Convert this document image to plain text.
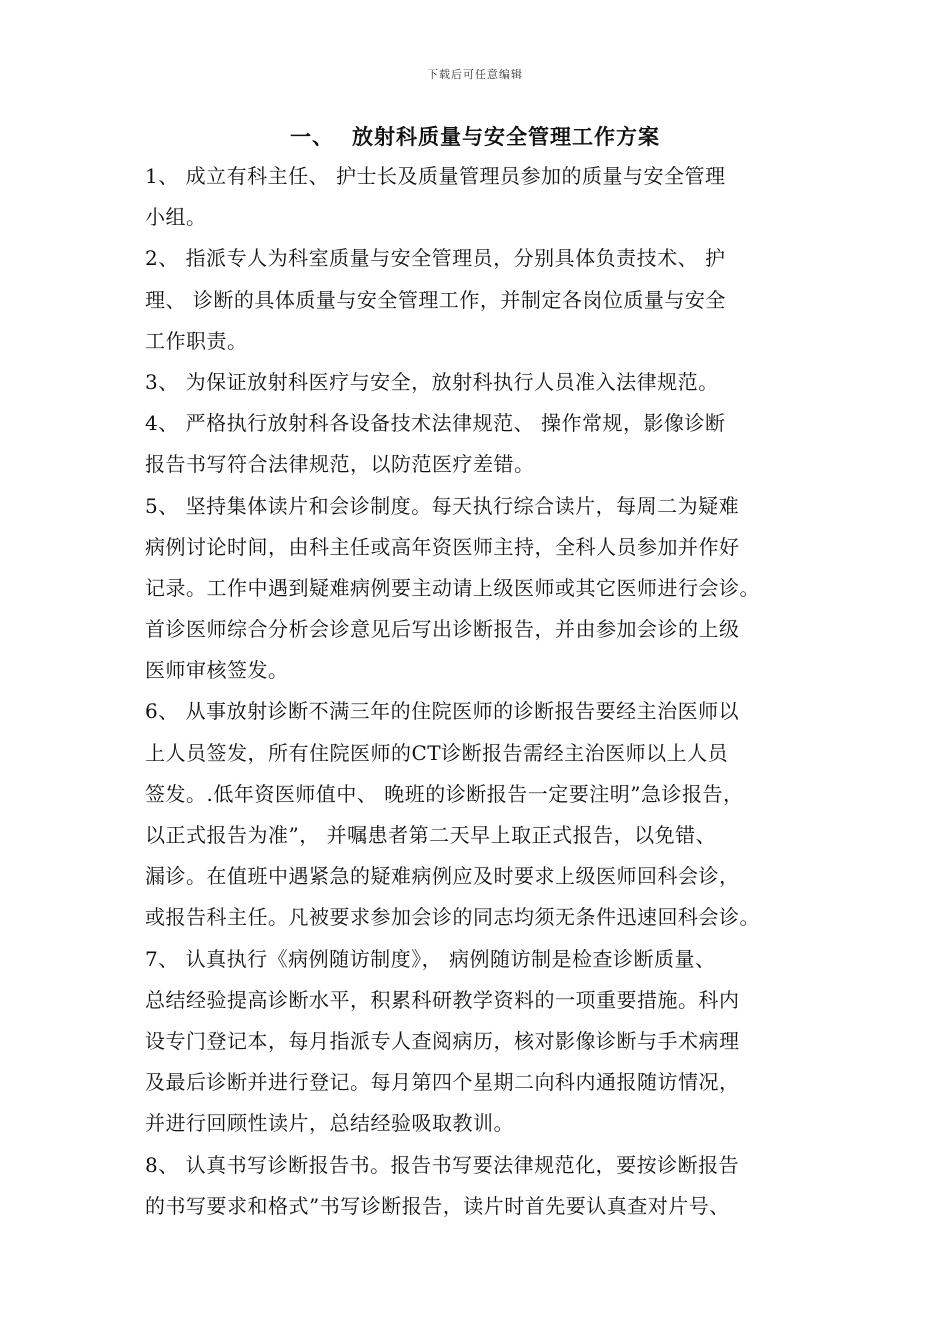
下载后可任意编辑
一、 放射科质量与安全管理工作方案
1、 成立有科主任、 护士长及质量管理员参加的质量与安全管理
小组。
2、 指派专人为科室质量与安全管理员，分别具体负责技术、 护
理、 诊断的具体质量与安全管理工作，并制定各岗位质量与安全
工作职责。
3、 为保证放射科医疗与安全，放射科执行人员准入法律规范。
4、 严格执行放射科各设备技术法律规范、 操作常规，影像诊断
报告书写符合法律规范，以防范医疗差错。
5、 坚持集体读片和会诊制度。每天执行综合读片，每周二为疑难
病例讨论时间，由科主任或高年资医师主持，全科人员参加并作好
记录。工作中遇到疑难病例要主动请上级医师或其它医师进行会诊。
首诊医师综合分析会诊意见后写出诊断报告，并由参加会诊的上级
医师审核签发。
6、 从事放射诊断不满三年的住院医师的诊断报告要经主治医师以
上人员签发，所有住院医师的CT诊断报告需经主治医师以上人员
签发。.低年资医师值中、 晚班的诊断报告一定要注明”急诊报告，
以正式报告为准”， 并嘱患者第二天早上取正式报告，以免错、
漏诊。在值班中遇紧急的疑难病例应及时要求上级医师回科会诊，
或报告科主任。凡被要求参加会诊的同志均须无条件迅速回科会诊。
7、 认真执行《病例随访制度》， 病例随访制是检查诊断质量、
总结经验提高诊断水平，积累科研教学资料的一项重要措施。科内
设专门登记本，每月指派专人查阅病历，核对影像诊断与手术病理
及最后诊断并进行登记。每月第四个星期二向科内通报随访情况，
并进行回顾性读片，总结经验吸取教训。
8、 认真书写诊断报告书。报告书写要法律规范化，要按诊断报告
的书写要求和格式”书写诊断报告，读片时首先要认真查对片号、
